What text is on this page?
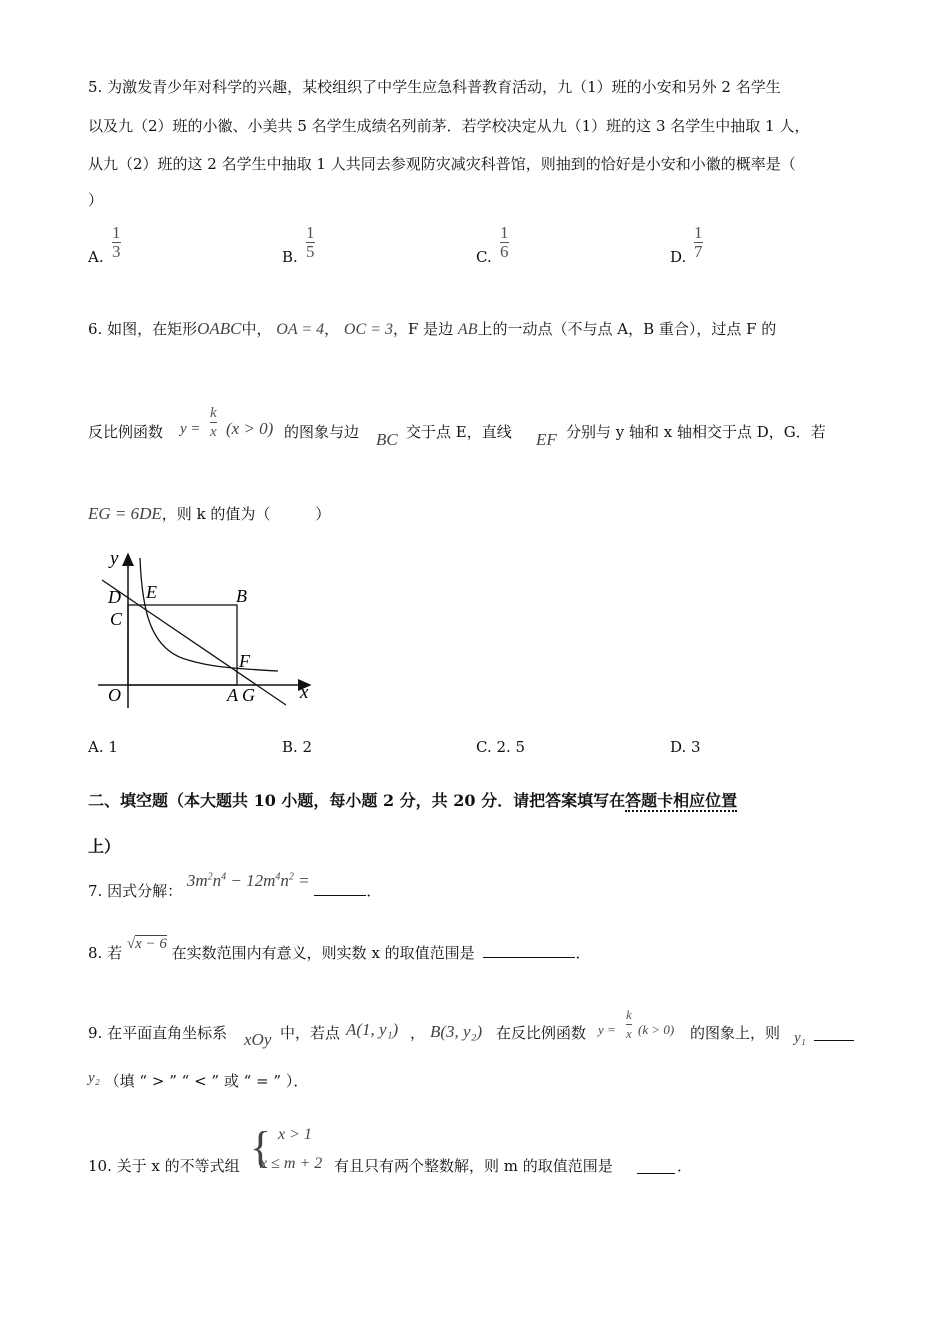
5. 为激发青少年对科学的兴趣，某校组织了中学生应急科普教育活动，九（1）班的小安和另外 2 名学生
以及九（2）班的小徽、小美共 5 名学生成绩名列前茅．若学校决定从九（1）班的这 3 名学生中抽取 1 人，
从九（2）班的这 2 名学生中抽取 1 人共同去参观防灾减灾科普馆，则抽到的恰好是小安和小徽的概率是（
）
A.
1
3	B.
1
5	C.
1
6	D.
1
7
6. 如图，在矩形OABC中， OA = 4， OC = 3，F 是边 AB上的一动点（不与点 A，B 重合），过点 F 的
反比例函数 y =
k
x (x > 0) 的图象与边 BC 交于点 E，直线 EF 分别与 y 轴和 x 轴相交于点 D，G．若
EG = 6DE，则 k 的值为（　　　）
y
x
D E	B
C
F
O	A G
A. 1	B. 2	C. 2. 5	D. 3
二、填空题（本大题共 10 小题，每小题 2 分，共 20 分．请把答案填写在答题卡相应位置
上）
7. 因式分解： $3m^2n^4 - 12m^4n^2$ = ．
8. 若 √x − 6 在实数范围内有意义，则实数 x 的取值范围是	．
9. 在平面直角坐标系 xOy 中，若点 A(1, y₁) ， B(3, y₂) 在反比例函数 y =
k
x (k > 0) 的图象上，则 y₁
y₂ （填 “ > ” “ < ” 或 “ = ” ）．
10. 关于 x 的不等式组 { x > 1
x ≤ m + 2 有且只有两个整数解，则 m 的取值范围是	．
